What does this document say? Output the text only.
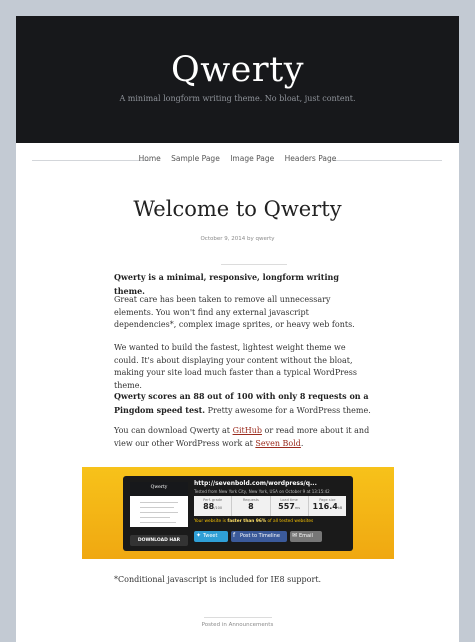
Qwerty
A minimal longform writing theme. No bloat, just content.
Home Sample Page Image Page Headers Page
Welcome to Qwerty
October 9, 2014 by qwerty

Qwerty is a minimal, responsive, longform writing theme.

Great care has been taken to remove all unnecessary elements. You won't find any external javascript dependencies*, complex image sprites, or heavy web fonts.

We wanted to build the fastest, lightest weight theme we could. It's about displaying your content without the bloat, making your site load much faster than a typical WordPress theme.

Qwerty scores an 88 out of 100 with only 8 requests on a Pingdom speed test. Pretty awesome for a WordPress theme.

You can download Qwerty at GitHub or read more about it and view our other WordPress work at Seven Bold.

Qwerty
DOWNLOAD HAR
http://sevenbold.com/wordpress/q...
Tested from New York City, New York, USA on October 9 at 13:15:42
Perf. grade
88/100
Requests
8
Load time
557ms
Page size
116.4kB
Your website is faster than 96% of all tested websites
✦ Tweet	f Post to Timeline	✉ Email
*Conditional javascript is included for IE8 support.
Posted in Announcements
